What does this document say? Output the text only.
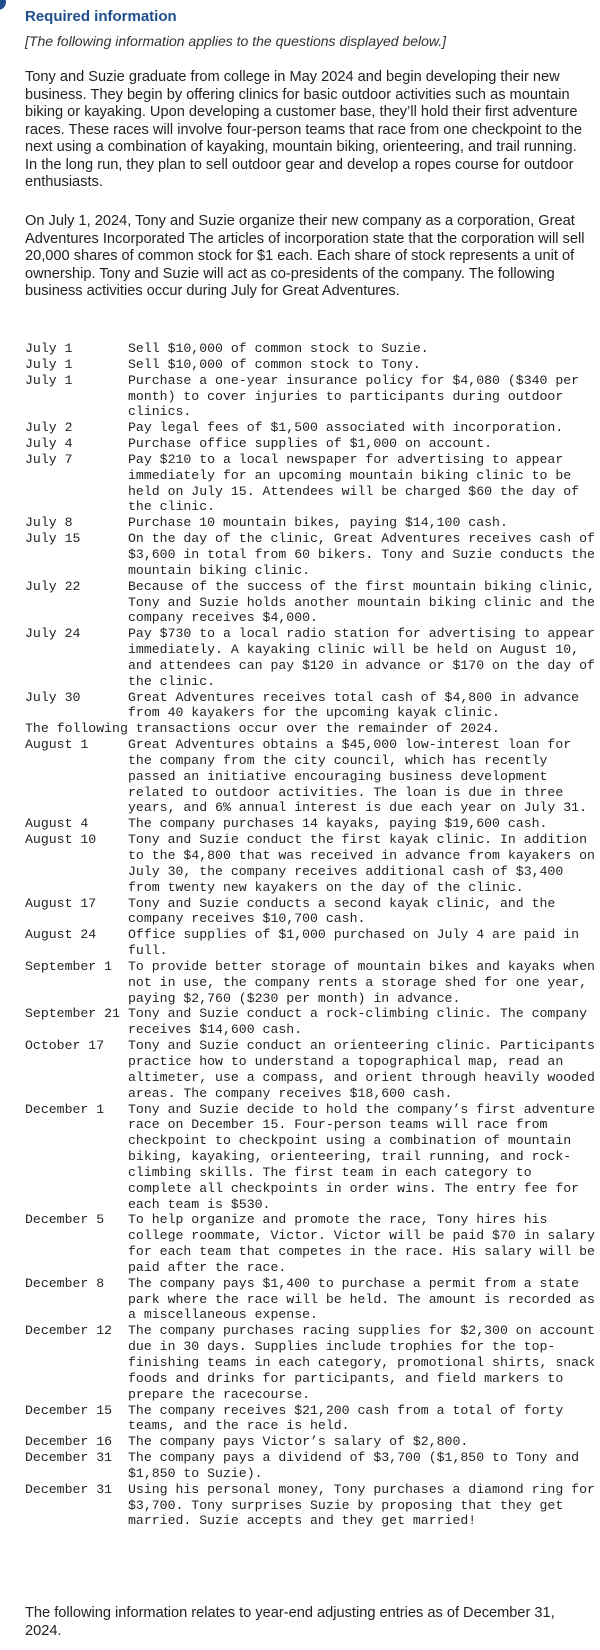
Required information
[The following information applies to the questions displayed below.]
Tony and Suzie graduate from college in May 2024 and begin developing their new business. They begin by offering clinics for basic outdoor activities such as mountain biking or kayaking. Upon developing a customer base, they’ll hold their first adventure races. These races will involve four-person teams that race from one checkpoint to the next using a combination of kayaking, mountain biking, orienteering, and trail running. In the long run, they plan to sell outdoor gear and develop a ropes course for outdoor enthusiasts.
On July 1, 2024, Tony and Suzie organize their new company as a corporation, Great Adventures Incorporated The articles of incorporation state that the corporation will sell 20,000 shares of common stock for $1 each. Each share of stock represents a unit of ownership. Tony and Suzie will act as co-presidents of the company. The following business activities occur during July for Great Adventures.
July 1	Sell $10,000 of common stock to Suzie.
July 1	Sell $10,000 of common stock to Tony.
July 1	Purchase a one-year insurance policy for $4,080 ($340 per month) to cover injuries to participants during outdoor clinics.
July 2	Pay legal fees of $1,500 associated with incorporation.
July 4	Purchase office supplies of $1,000 on account.
July 7	Pay $210 to a local newspaper for advertising to appear immediately for an upcoming mountain biking clinic to be held on July 15. Attendees will be charged $60 the day of the clinic.
July 8	Purchase 10 mountain bikes, paying $14,100 cash.
July 15	On the day of the clinic, Great Adventures receives cash of $3,600 in total from 60 bikers. Tony and Suzie conducts the mountain biking clinic.
July 22	Because of the success of the first mountain biking clinic, Tony and Suzie holds another mountain biking clinic and the company receives $4,000.
July 24	Pay $730 to a local radio station for advertising to appear immediately. A kayaking clinic will be held on August 10, and attendees can pay $120 in advance or $170 on the day of the clinic.
July 30	Great Adventures receives total cash of $4,800 in advance from 40 kayakers for the upcoming kayak clinic.
The following transactions occur over the remainder of 2024.
August 1	Great Adventures obtains a $45,000 low-interest loan for the company from the city council, which has recently passed an initiative encouraging business development related to outdoor activities. The loan is due in three years, and 6% annual interest is due each year on July 31.
August 4	The company purchases 14 kayaks, paying $19,600 cash.
August 10	Tony and Suzie conduct the first kayak clinic. In addition to the $4,800 that was received in advance from kayakers on July 30, the company receives additional cash of $3,400 from twenty new kayakers on the day of the clinic.
August 17	Tony and Suzie conducts a second kayak clinic, and the company receives $10,700 cash.
August 24	Office supplies of $1,000 purchased on July 4 are paid in full.
September 1	To provide better storage of mountain bikes and kayaks when not in use, the company rents a storage shed for one year, paying $2,760 ($230 per month) in advance.
September 21 Tony and Suzie conduct a rock-climbing clinic. The company receives $14,600 cash.
October 17	Tony and Suzie conduct an orienteering clinic. Participants practice how to understand a topographical map, read an altimeter, use a compass, and orient through heavily wooded areas. The company receives $18,600 cash.
December 1	Tony and Suzie decide to hold the company’s first adventure race on December 15. Four-person teams will race from checkpoint to checkpoint using a combination of mountain biking, kayaking, orienteering, trail running, and rock-climbing skills. The first team in each category to complete all checkpoints in order wins. The entry fee for each team is $530.
December 5	To help organize and promote the race, Tony hires his college roommate, Victor. Victor will be paid $70 in salary for each team that competes in the race. His salary will be paid after the race.
December 8	The company pays $1,400 to purchase a permit from a state park where the race will be held. The amount is recorded as a miscellaneous expense.
December 12	The company purchases racing supplies for $2,300 on account due in 30 days. Supplies include trophies for the top-finishing teams in each category, promotional shirts, snack foods and drinks for participants, and field markers to prepare the racecourse.
December 15	The company receives $21,200 cash from a total of forty teams, and the race is held.
December 16	The company pays Victor’s salary of $2,800.
December 31	The company pays a dividend of $3,700 ($1,850 to Tony and $1,850 to Suzie).
December 31	Using his personal money, Tony purchases a diamond ring for $3,700. Tony surprises Suzie by proposing that they get married. Suzie accepts and they get married!
The following information relates to year-end adjusting entries as of December 31, 2024.
